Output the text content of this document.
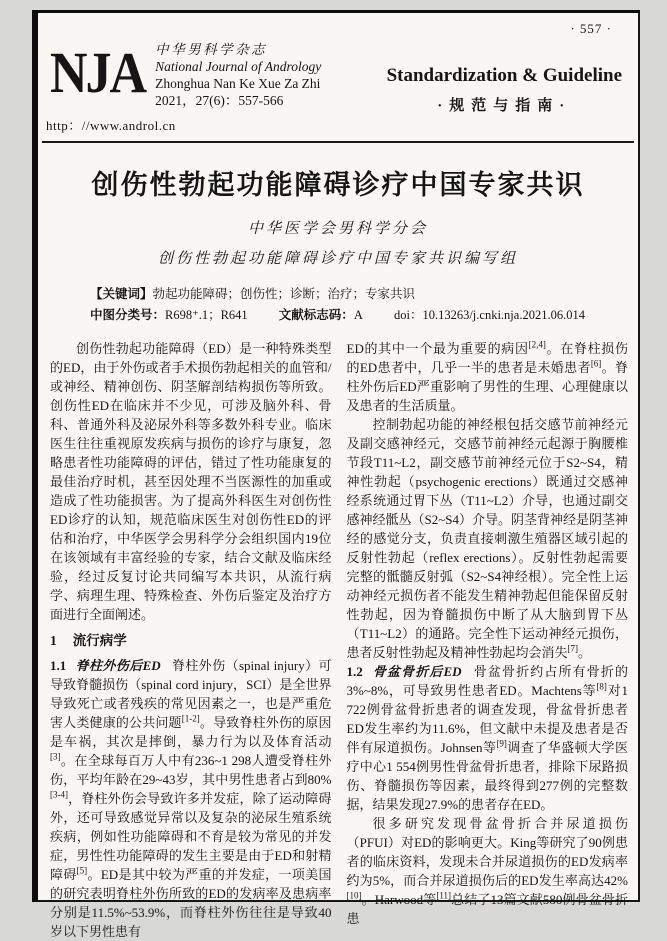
· 557 ·
NJA 中华男科学杂志
National Journal of Andrology
Zhonghua Nan Ke Xue Za Zhi
2021，27(6)：557-566
Standardization & Guideline
·规范与指南·
http：//www.androl.cn
创伤性勃起功能障碍诊疗中国专家共识
中华医学会男科学分会
创伤性勃起功能障碍诊疗中国专家共识编写组
【关键词】勃起功能障碍；创伤性；诊断；治疗；专家共识
中图分类号：R698⁺.1；R641 文献标志码：A doi：10.13263/j.cnki.nja.2021.06.014

创伤性勃起功能障碍（ED）是一种特殊类型的ED，由于外伤或者手术损伤勃起相关的血管和/或神经、精神创伤、阴茎解剖结构损伤等所致。创伤性ED在临床并不少见，可涉及脑外科、骨科、普通外科及泌尿外科等多数外科专业。临床医生往往重视原发疾病与损伤的诊疗与康复，忽略患者性功能障碍的评估，错过了性功能康复的最佳治疗时机，甚至因处理不当医源性的加重或造成了性功能损害。为了提高外科医生对创伤性ED诊疗的认知，规范临床医生对创伤性ED的评估和治疗，中华医学会男科学分会组织国内19位在该领域有丰富经验的专家，结合文献及临床经验，经过反复讨论共同编写本共识，从流行病学、病理生理、特殊检查、外伤后鉴定及治疗方面进行全面阐述。

1 流行病学

1.1 脊柱外伤后ED 脊柱外伤（spinal injury）可导致脊髓损伤（spinal cord injury，SCI）是全世界导致死亡或者残疾的常见因素之一，也是严重危害人类健康的公共问题[1-2]。导致脊柱外伤的原因是车祸，其次是摔倒，暴力行为以及体育活动[3]。在全球每百万人中有236~1 298人遭受脊柱外伤，平均年龄在29~43岁，其中男性患者占到80%[3-4]，脊柱外伤会导致许多并发症，除了运动障碍外，还可导致感觉异常以及复杂的泌尿生殖系统疾病，例如性功能障碍和不育是较为常见的并发症，男性性功能障碍的发生主要是由于ED和射精障碍[5]。ED是其中较为严重的并发症，一项美国的研究表明脊柱外伤所致的ED的发病率及患病率分别是11.5%~53.9%，而脊柱外伤往往是导致40岁以下男性患有

ED的其中一个最为重要的病因[2,4]。在脊柱损伤的ED患者中，几乎一半的患者是未婚患者[6]。脊柱外伤后ED严重影响了男性的生理、心理健康以及患者的生活质量。

控制勃起功能的神经根包括交感节前神经元及副交感神经元，交感节前神经元起源于胸腰椎节段T11~L2，副交感节前神经元位于S2~S4，精神性勃起（psychogenic erections）既通过交感神经系统通过胃下丛（T11~L2）介导，也通过副交感神经骶丛（S2~S4）介导。阴茎背神经是阴茎神经的感觉分支，负责直接刺激生殖器区域引起的反射性勃起（reflex erections）。反射性勃起需要完整的骶髓反射弧（S2~S4神经根）。完全性上运动神经元损伤者不能发生精神勃起但能保留反射性勃起，因为脊髓损伤中断了从大脑到胃下丛（T11~L2）的通路。完全性下运动神经元损伤，患者反射性勃起及精神性勃起均会消失[7]。

1.2 骨盆骨折后ED 骨盆骨折约占所有骨折的3%~8%，可导致男性患者ED。Machtens等[8]对1 722例骨盆骨折患者的调查发现，骨盆骨折患者ED发生率约为11.6%，但文献中未提及患者是否伴有尿道损伤。Johnsen等[9]调查了华盛顿大学医疗中心1 554例男性骨盆骨折患者，排除下尿路损伤、脊髓损伤等因素，最终得到277例的完整数据，结果发现27.9%的患者存在ED。

很多研究发现骨盆骨折合并尿道损伤（PFUI）对ED的影响更大。King等研究了90例患者的临床资料，发现未合并尿道损伤的ED发病率约为5%，而合并尿道损伤后的ED发生率高达42%[10]。Harwood等[11]总结了13篇文献580例骨盆骨折患
